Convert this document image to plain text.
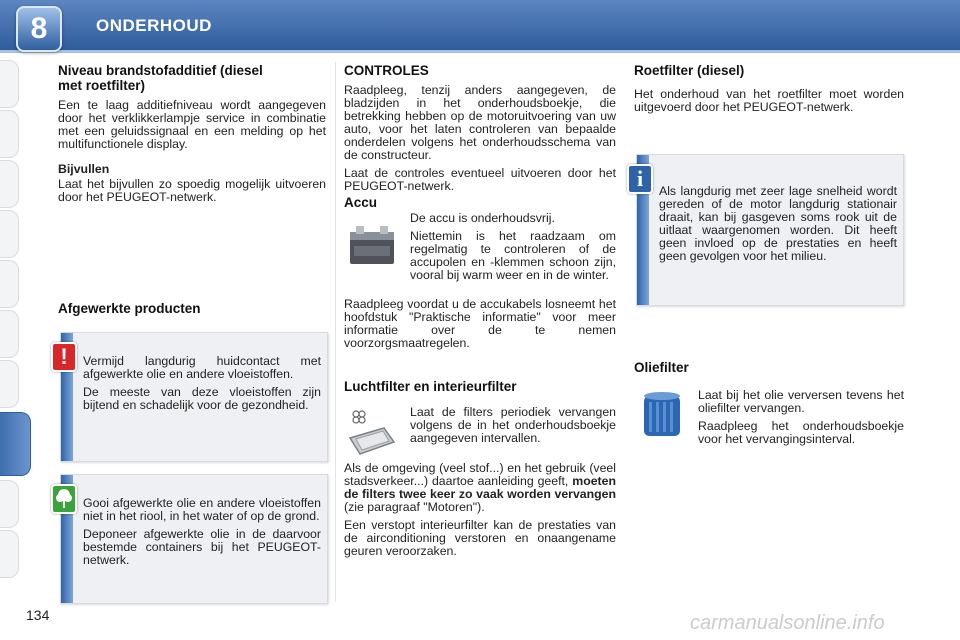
8	ONDERHOUD
Niveau brandstofadditief (diesel met roetfilter)

Een te laag additiefniveau wordt aangegeven door het verklikkerlampje service in combinatie met een geluidssignaal en een melding op het multifunctionele display.

Bijvullen

Laat het bijvullen zo spoedig mogelijk uitvoeren door het PEUGEOT-netwerk.

Afgewerkte producten

Vermijd langdurig huidcontact met afgewerkte olie en andere vloeistoffen.

De meeste van deze vloeistoffen zijn bijtend en schadelijk voor de gezondheid.

!

Gooi afgewerkte olie en andere vloeistoffen niet in het riool, in het water of op de grond.

Deponeer afgewerkte olie in de daarvoor bestemde containers bij het PEUGEOT-netwerk.

CONTROLES

Raadpleeg, tenzij anders aangegeven, de bladzijden in het onderhoudsboekje, die betrekking hebben op de motoruitvoering van uw auto, voor het laten controleren van bepaalde onderdelen volgens het onderhoudsschema van de constructeur.

Laat de controles eventueel uitvoeren door het PEUGEOT-netwerk.

Accu

De accu is onderhoudsvrij.

Niettemin is het raadzaam om regelmatig te controleren of de accupolen en -klemmen schoon zijn, vooral bij warm weer en in de winter.

Raadpleeg voordat u de accukabels losneemt het hoofdstuk "Praktische informatie" voor meer informatie over de te nemen voorzorgsmaatregelen.

Luchtfilter en interieurfilter

Laat de filters periodiek vervangen volgens de in het onderhoudsboekje aangegeven intervallen.

Als de omgeving (veel stof...) en het gebruik (veel stadsverkeer...) daartoe aanleiding geeft, moeten de filters twee keer zo vaak worden vervangen (zie paragraaf "Motoren").

Een verstopt interieurfilter kan de prestaties van de airconditioning verstoren en onaangename geuren veroorzaken.

Roetfilter (diesel)

Het onderhoud van het roetfilter moet worden uitgevoerd door het PEUGEOT-netwerk.

Als langdurig met zeer lage snelheid wordt gereden of de motor langdurig stationair draait, kan bij gasgeven soms rook uit de uitlaat waargenomen worden. Dit heeft geen invloed op de prestaties en heeft geen gevolgen voor het milieu.

i
Oliefilter

Laat bij het olie verversen tevens het oliefilter vervangen.

Raadpleeg het onderhoudsboekje voor het vervangingsinterval.

134	carmanualsonline.info
